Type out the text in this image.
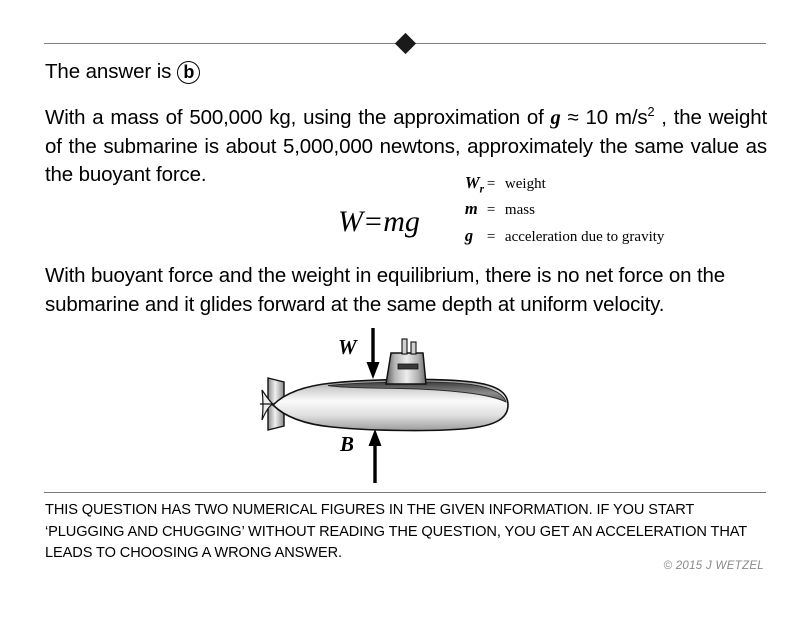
The answer is b
With a mass of 500,000 kg, using the approximation of g ≈ 10 $m/s^2$ , the weight of the submarine is about 5,000,000 newtons, approximately the same value as the buoyant force.
W=mg
$W_r$ = weight
m = mass
g = acceleration due to gravity
With buoyant force and the weight in equilibrium, there is no net force on the submarine and it glides forward at the same depth at uniform velocity.
W
B
THIS QUESTION HAS TWO NUMERICAL FIGURES IN THE GIVEN INFORMATION. IF YOU START ‘PLUGGING AND CHUGGING’ WITHOUT READING THE QUESTION, YOU GET AN ACCELERATION THAT LEADS TO CHOOSING A WRONG ANSWER.
© 2015 J WETZEL
